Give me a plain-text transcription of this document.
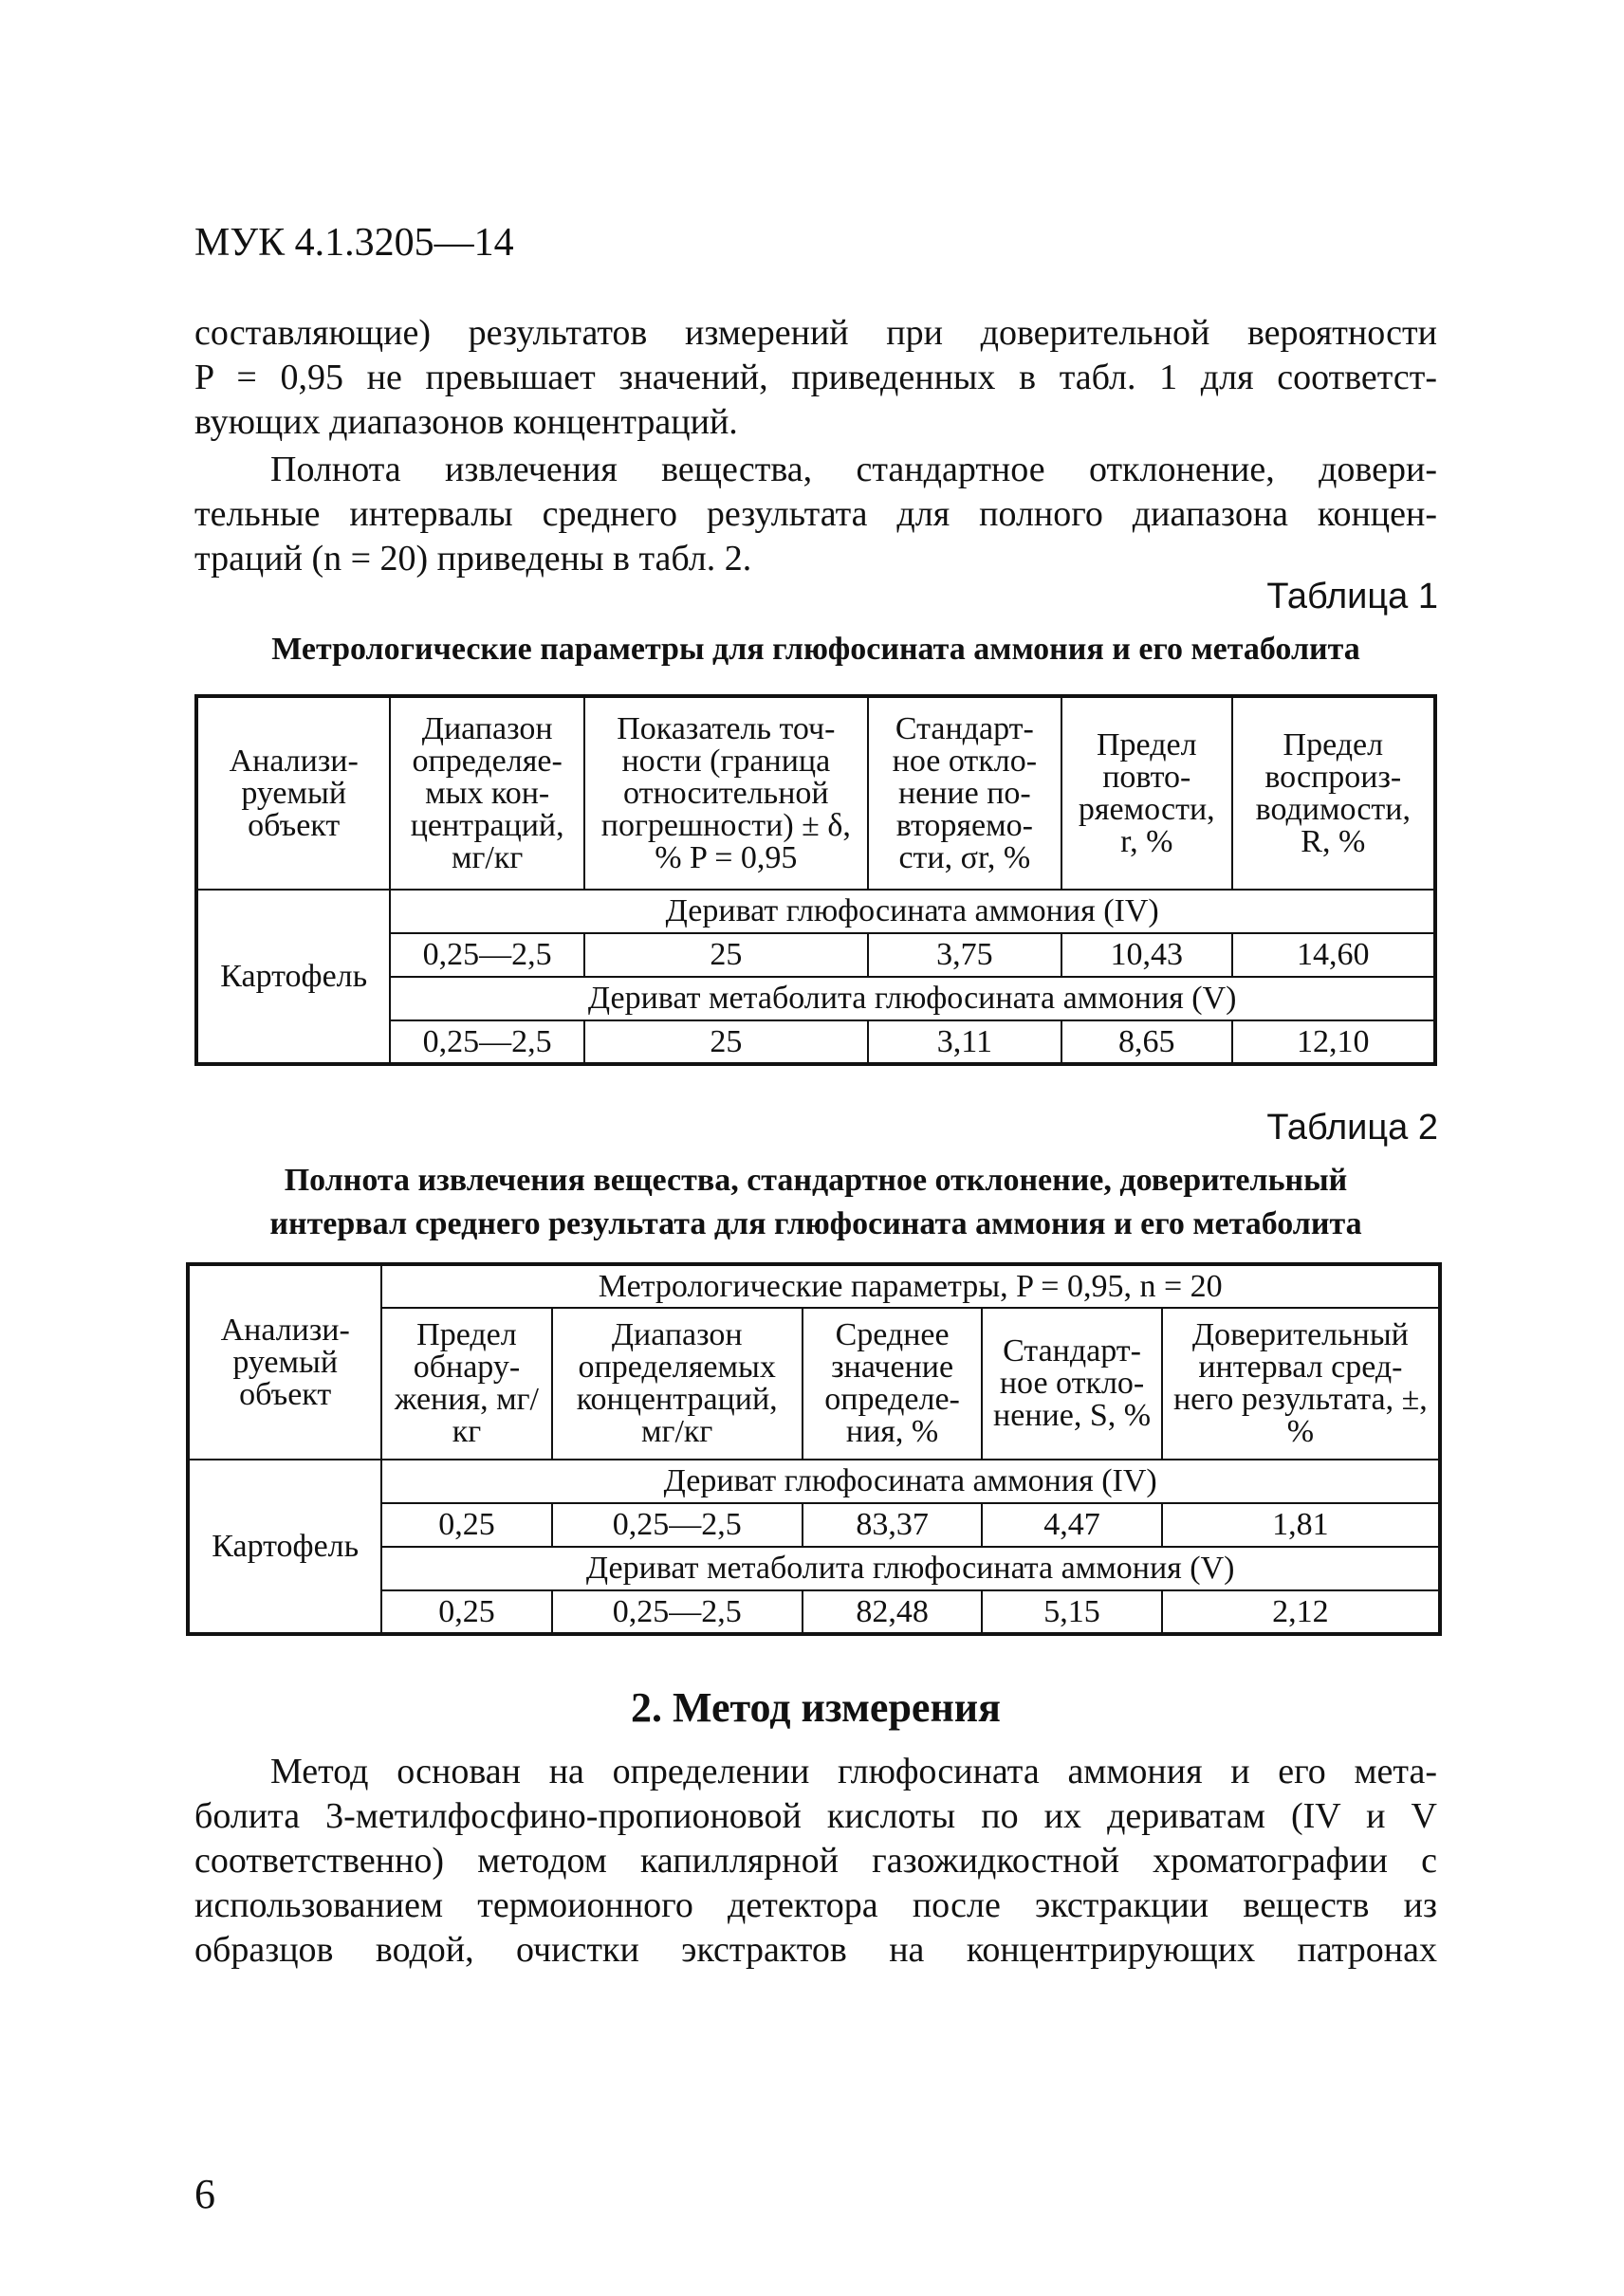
МУК 4.1.3205—14
составляющие) результатов измерений при доверительной вероятности
P = 0,95 не превышает значений, приведенных в табл. 1 для соответст-
вующих диапазонов концентраций.
Полнота извлечения вещества, стандартное отклонение, довери-
тельные интервалы среднего результата для полного диапазона концен-
траций (n = 20) приведены в табл. 2.
Таблица 1
Метрологические параметры для глюфосината аммония и его метаболита
Анализи-руемый объект	Диапазон определяе-мых кон-центраций, мг/кг	Показатель точ-ности (граница относительной погрешности) ± δ, % P = 0,95	Стандарт-ное откло-нение по-вторяемо-сти, σr, %	Предел повто-ряемости, r, %	Предел воспроиз-водимости, R, %
Картофель	Дериват глюфосината аммония (IV)				
	0,25—2,5	25	3,75	10,43	14,60
	Дериват метаболита глюфосината аммония (V)				
	0,25—2,5	25	3,11	8,65	12,10
Таблица 2
Полнота извлечения вещества, стандартное отклонение, доверительный
интервал среднего результата для глюфосината аммония и его метаболита
Анализи-руемый объект	Метрологические параметры, P = 0,95, n = 20				
	Предел обнару-жения, мг/кг	Диапазон определяемых концентраций, мг/кг	Среднее значение определе-ния, %	Стандарт-ное откло-нение, S, %	Доверительный интервал сред-него результата, ±, %
Картофель	Дериват глюфосината аммония (IV)				
	0,25	0,25—2,5	83,37	4,47	1,81
	Дериват метаболита глюфосината аммония (V)				
	0,25	0,25—2,5	82,48	5,15	2,12
2. Метод измерения
Метод основан на определении глюфосината аммония и его мета-
болита 3-метилфосфино-пропионовой кислоты по их дериватам (IV и V
соответственно) методом капиллярной газожидкостной хроматографии с
использованием термоионного детектора после экстракции веществ из
образцов водой, очистки экстрактов на концентрирующих патронах
6
